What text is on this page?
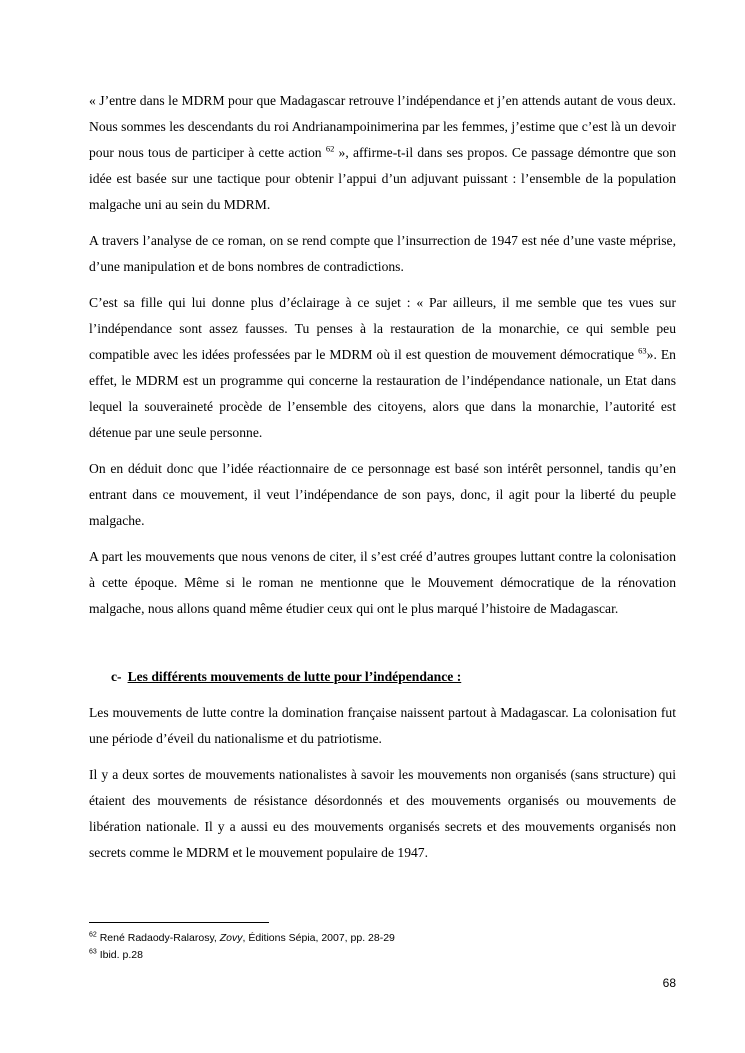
« J’entre dans le MDRM pour que Madagascar retrouve l’indépendance et j’en attends autant de vous deux. Nous sommes les descendants du roi Andrianampoinimerina par les femmes, j’estime que c’est là un devoir pour nous tous de participer à cette action $^{62}$ », affirme-t-il dans ses propos. Ce passage démontre que son idée est basée sur une tactique pour obtenir l’appui d’un adjuvant puissant : l’ensemble de la population malgache uni au sein du MDRM.

A travers l’analyse de ce roman, on se rend compte que l’insurrection de 1947 est née d’une vaste méprise, d’une manipulation et de bons nombres de contradictions.

C’est sa fille qui lui donne plus d’éclairage à ce sujet : « Par ailleurs, il me semble que tes vues sur l’indépendance sont assez fausses. Tu penses à la restauration de la monarchie, ce qui semble peu compatible avec les idées professées par le MDRM où il est question de mouvement démocratique $^{63}$». En effet, le MDRM est un programme qui concerne la restauration de l’indépendance nationale, un Etat dans lequel la souveraineté procède de l’ensemble des citoyens, alors que dans la monarchie, l’autorité est détenue par une seule personne.

On en déduit donc que l’idée réactionnaire de ce personnage est basé son intérêt personnel, tandis qu’en entrant dans ce mouvement, il veut l’indépendance de son pays, donc, il agit pour la liberté du peuple malgache.

A part les mouvements que nous venons de citer, il s’est créé d’autres groupes luttant contre la colonisation à cette époque. Même si le roman ne mentionne que le Mouvement démocratique de la rénovation malgache, nous allons quand même étudier ceux qui ont le plus marqué l’histoire de Madagascar.

c- Les différents mouvements de lutte pour l’indépendance :

Les mouvements de lutte contre la domination française naissent partout à Madagascar. La colonisation fut une période d’éveil du nationalisme et du patriotisme.

Il y a deux sortes de mouvements nationalistes à savoir les mouvements non organisés (sans structure) qui étaient des mouvements de résistance désordonnés et des mouvements organisés ou mouvements de libération nationale. Il y a aussi eu des mouvements organisés secrets et des mouvements organisés non secrets comme le MDRM et le mouvement populaire de 1947.

$^{62}$ René Radaody-Ralarosy, Zovy, Éditions Sépia, 2007, pp. 28-29

$^{63}$ Ibid. p.28

68
